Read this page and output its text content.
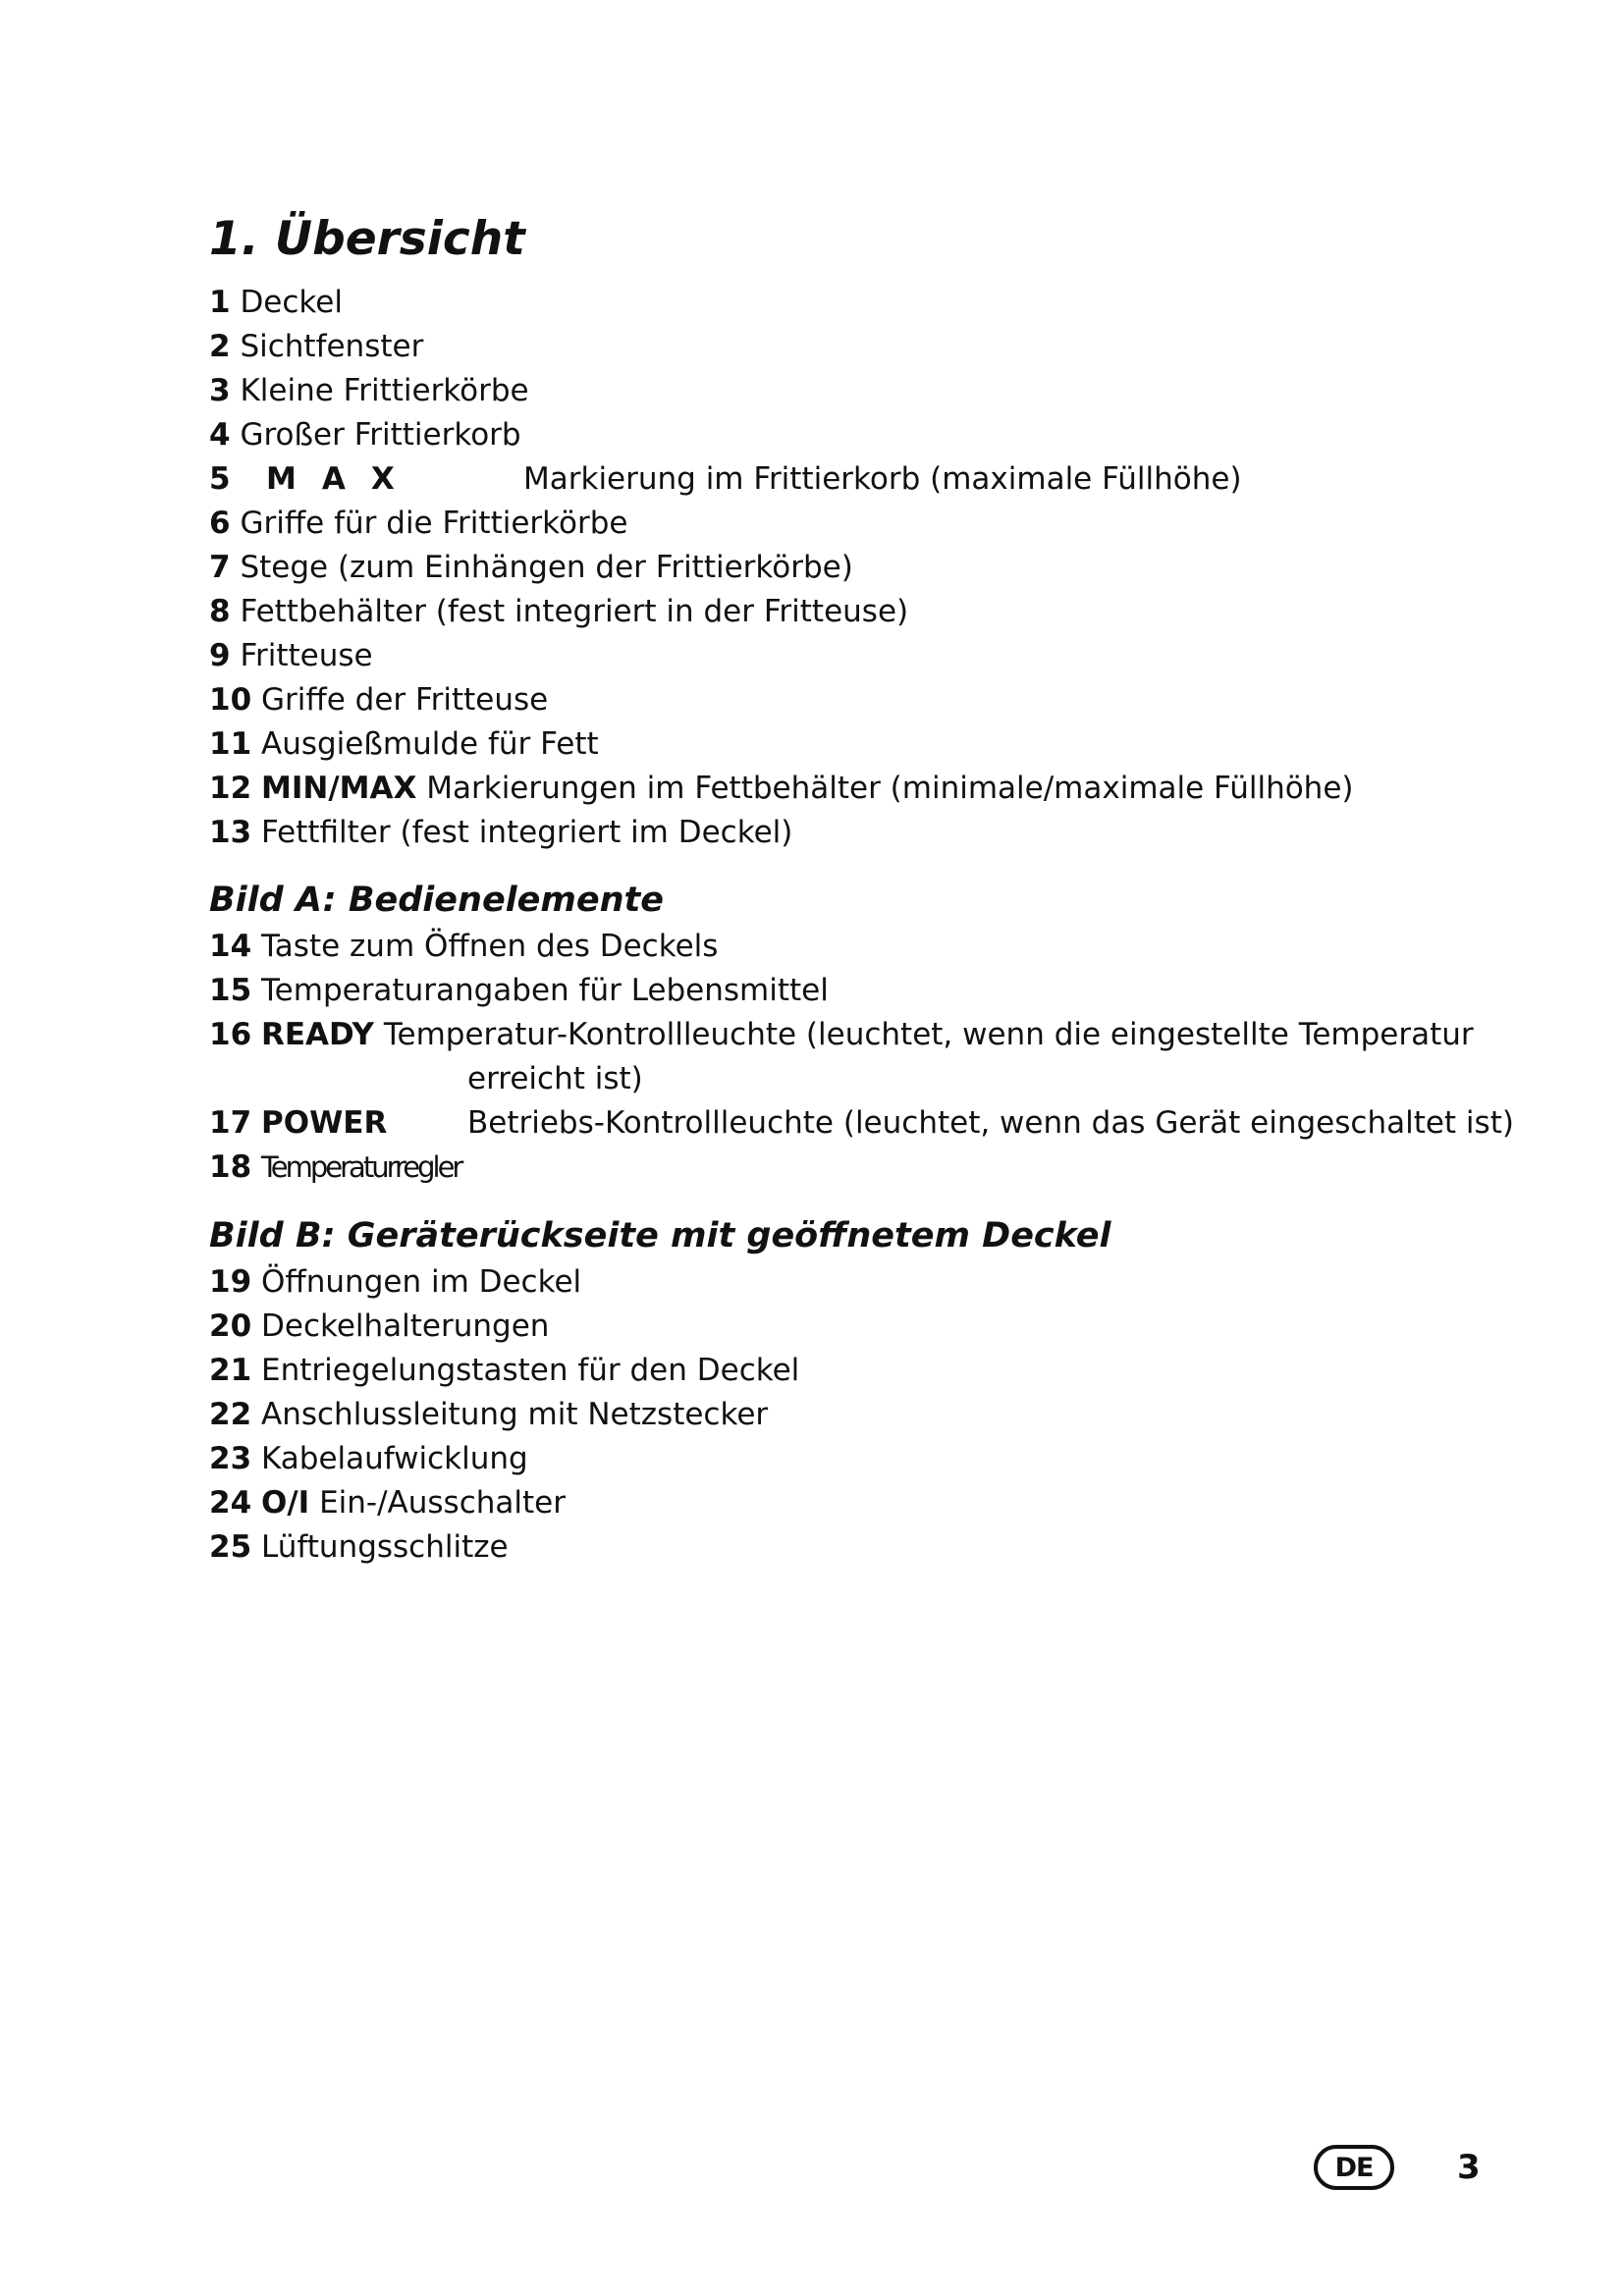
1. Übersicht
1 Deckel
2 Sichtfenster
3 Kleine Frittierkörbe
4 Großer Frittierkorb
5 MAX	Markierung im Frittierkorb (maximale Füllhöhe)
6 Griffe für die Frittierkörbe
7 Stege (zum Einhängen der Frittierkörbe)
8 Fettbehälter (fest integriert in der Fritteuse)
9 Fritteuse
10 Griffe der Fritteuse
11 Ausgießmulde für Fett
12 MIN/MAX Markierungen im Fettbehälter (minimale/maximale Füllhöhe)
13 Fettfilter (fest integriert im Deckel)
Bild A: Bedienelemente
14 Taste zum Öffnen des Deckels
15 Temperaturangaben für Lebensmittel
16 READY Temperatur-Kontrollleuchte (leuchtet, wenn die eingestellte Temperatur
erreicht ist)
17 POWER	Betriebs-Kontrollleuchte (leuchtet, wenn das Gerät eingeschaltet ist)
18 Temperaturregler
Bild B: Geräterückseite mit geöffnetem Deckel
19 Öffnungen im Deckel
20 Deckelhalterungen
21 Entriegelungstasten für den Deckel
22 Anschlussleitung mit Netzstecker
23 Kabelaufwicklung
24 O/I Ein-/Ausschalter
25 Lüftungsschlitze
DE	3
